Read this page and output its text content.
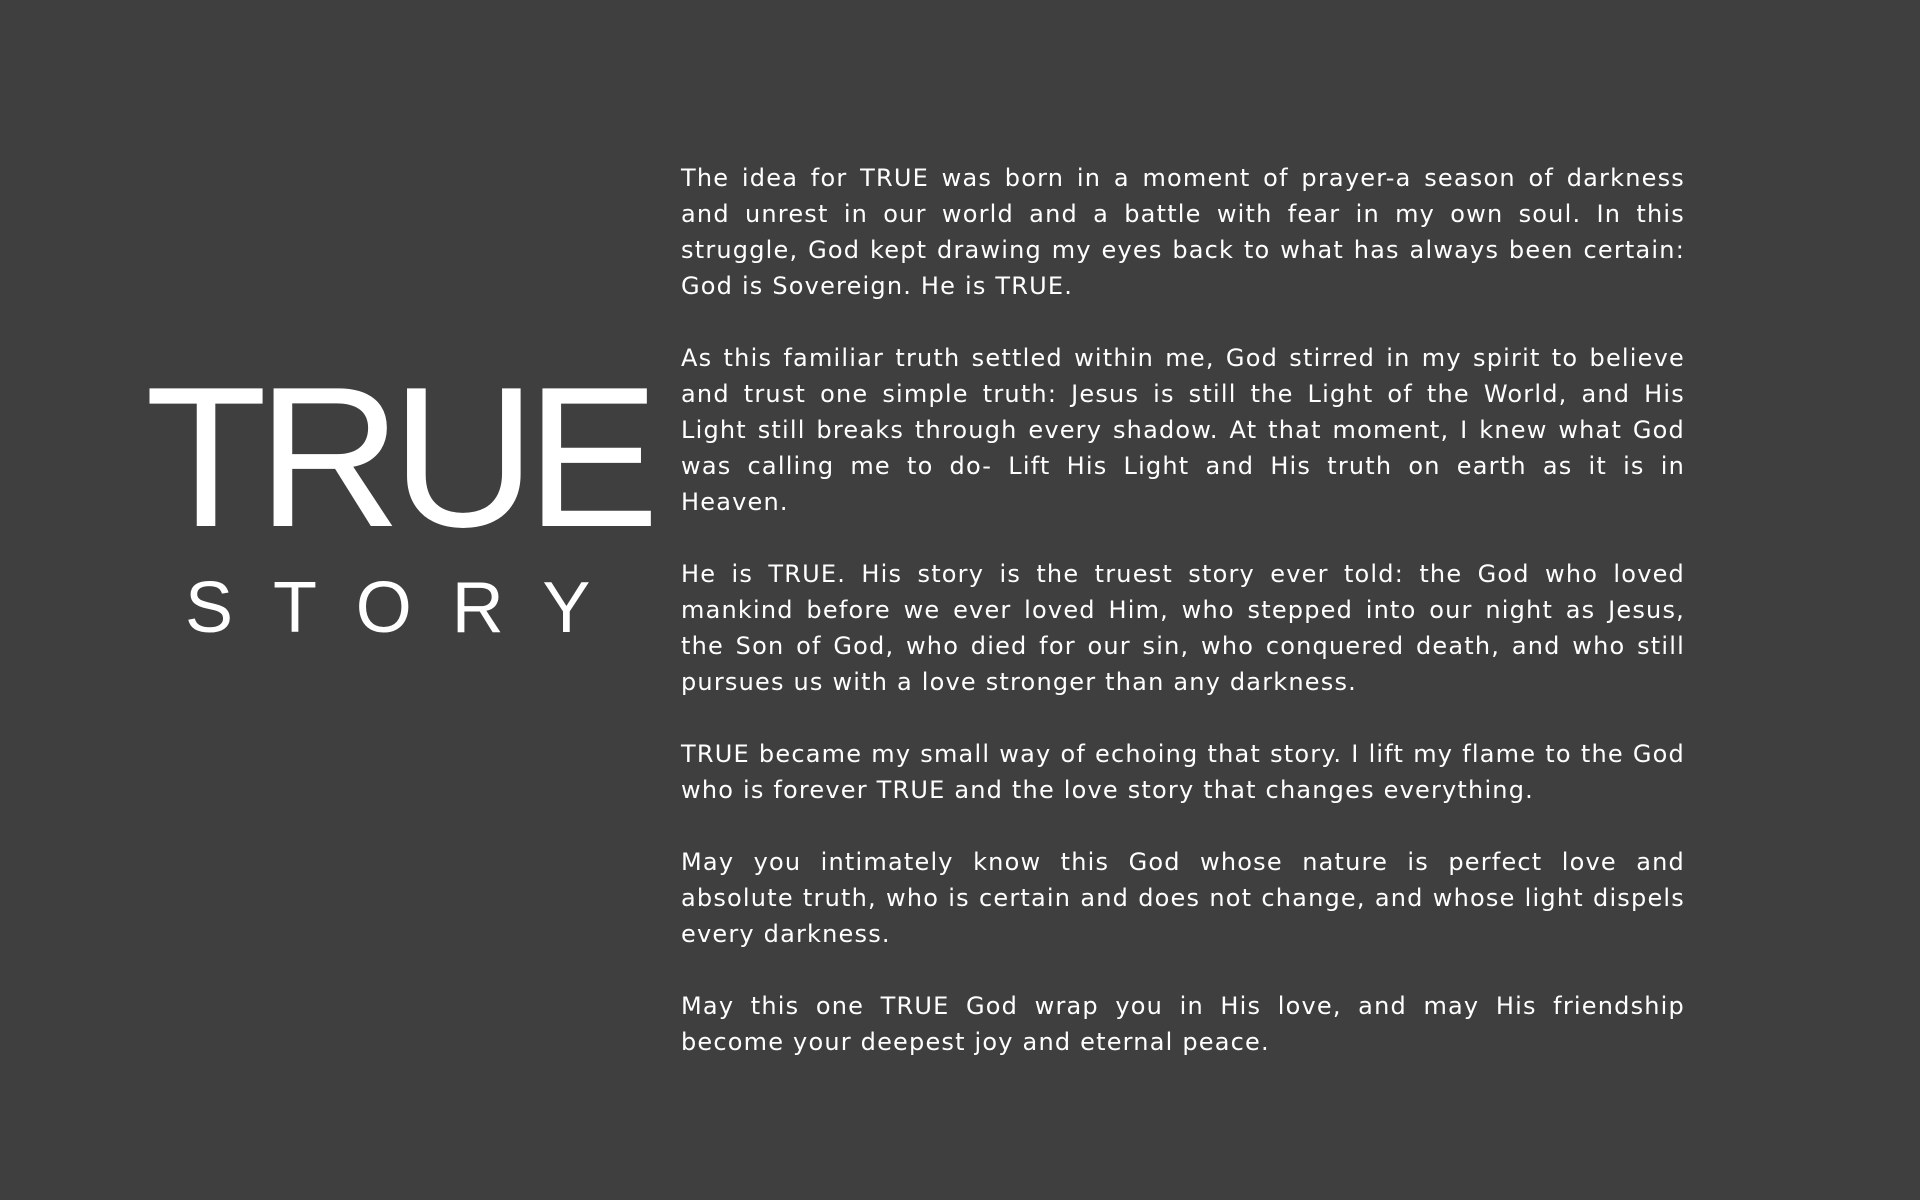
TRUE
STORY

The idea for TRUE was born in a moment of prayer-a season of darkness and unrest in our world and a battle with fear in my own soul. In this struggle, God kept drawing my eyes back to what has always been certain: God is Sovereign. He is TRUE.

As this familiar truth settled within me, God stirred in my spirit to believe and trust one simple truth: Jesus is still the Light of the World, and His Light still breaks through every shadow. At that moment, I knew what God was calling me to do- Lift His Light and His truth on earth as it is in Heaven.

He is TRUE. His story is the truest story ever told: the God who loved mankind before we ever loved Him, who stepped into our night as Jesus, the Son of God, who died for our sin, who conquered death, and who still pursues us with a love stronger than any darkness.

TRUE became my small way of echoing that story. I lift my flame to the God who is forever TRUE and the love story that changes everything.

May you intimately know this God whose nature is perfect love and absolute truth, who is certain and does not change, and whose light dispels every darkness.

May this one TRUE God wrap you in His love, and may His friendship become your deepest joy and eternal peace.
